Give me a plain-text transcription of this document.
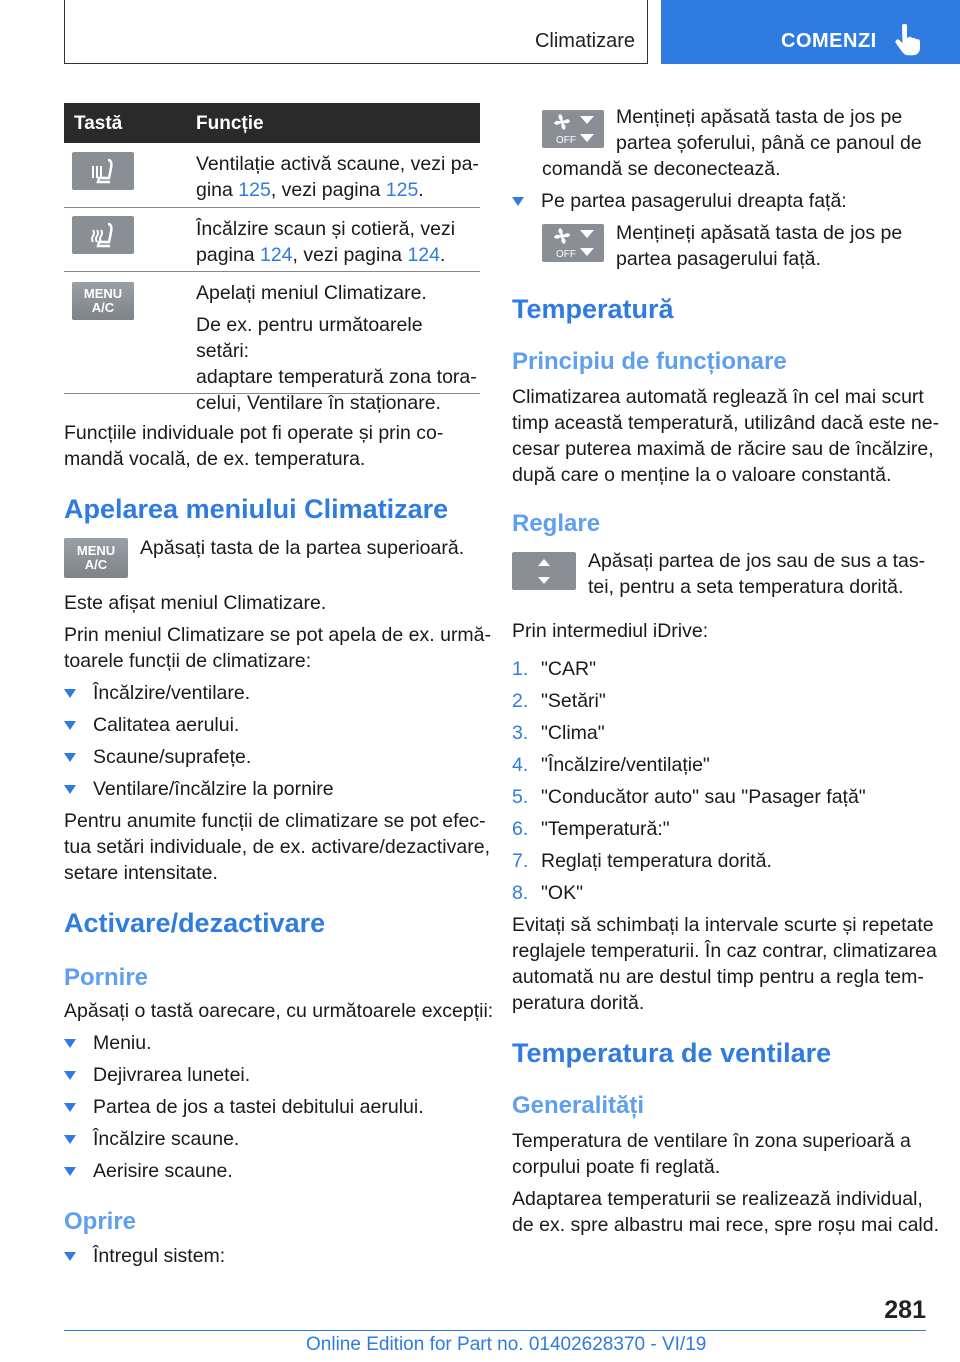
Climatizare	COMENZI
Tastă	Funcție

Ventilație activă scaune, vezi pa-

gina 125, vezi pagina 125.

Încălzire scaun și cotieră, vezi

pagina 124, vezi pagina 124.

MENU
A/C

Apelați meniul Climatizare.

De ex. pentru următoarele setări:

adaptare temperatură zona tora-

celui, Ventilare în staționare.

Funcțiile individuale pot fi operate și prin co-

mandă vocală, de ex. temperatura.

Apelarea meniului Climatizare
MENU
A/C

Apăsați tasta de la partea superioară.

Este afișat meniul Climatizare.

Prin meniul Climatizare se pot apela de ex. urmă-

toarele funcții de climatizare:

Încălzire/ventilare.
Calitatea aerului.
Scaune/suprafețe.
Ventilare/încălzire la pornire

Pentru anumite funcții de climatizare se pot efec-

tua setări individuale, de ex. activare/dezactivare,

setare intensitate.

Activare/dezactivare
Pornire

Apăsați o tastă oarecare, cu următoarele excepții:

Meniu.
Dejivrarea lunetei.
Partea de jos a tastei debitului aerului.
Încălzire scaune.
Aerisire scaune.
Oprire
Întregul sistem:
OFF

Mențineți apăsată tasta de jos pe

partea șoferului, până ce panoul de

comandă se deconectează.

Pe partea pasagerului dreapta față:
OFF

Mențineți apăsată tasta de jos pe

partea pasagerului față.

Temperatură
Principiu de funcționare

Climatizarea automată reglează în cel mai scurt

timp această temperatură, utilizând dacă este ne-

cesar puterea maximă de răcire sau de încălzire,

după care o menține la o valoare constantă.

Reglare

Apăsați partea de jos sau de sus a tas-

tei, pentru a seta temperatura dorită.

Prin intermediul iDrive:

1. "CAR"
2. "Setări"
3. "Clima"
4. "Încălzire/ventilație"
5. "Conducător auto" sau "Pasager față"
6. "Temperatură:"
7. Reglați temperatura dorită.
8. "OK"

Evitați să schimbați la intervale scurte și repetate

reglajele temperaturii. În caz contrar, climatizarea

automată nu are destul timp pentru a regla tem-

peratura dorită.

Temperatura de ventilare
Generalități

Temperatura de ventilare în zona superioară a

corpului poate fi reglată.

Adaptarea temperaturii se realizează individual,

de ex. spre albastru mai rece, spre roșu mai cald.

281
Online Edition for Part no. 01402628370 - VI/19
